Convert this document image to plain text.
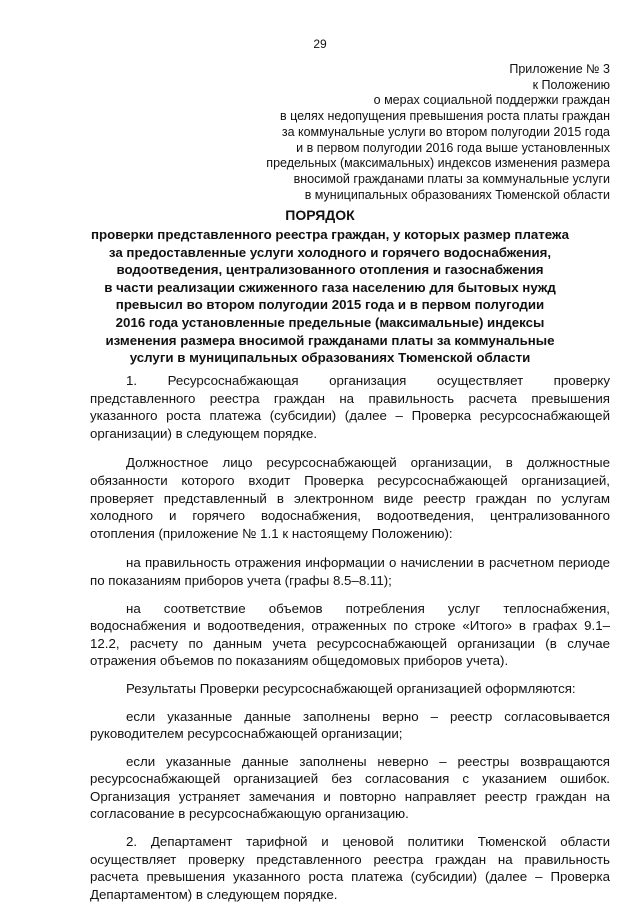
29
Приложение № 3
к Положению
о мерах социальной поддержки граждан
в целях недопущения превышения роста платы граждан
за коммунальные услуги во втором полугодии 2015 года
и в первом полугодии 2016 года выше установленных
предельных (максимальных) индексов изменения размера
вносимой гражданами платы за коммунальные услуги
в муниципальных образованиях Тюменской области
ПОРЯДОК
проверки представленного реестра граждан, у которых размер платежа
за предоставленные услуги холодного и горячего водоснабжения,
водоотведения, централизованного отопления и газоснабжения
в части реализации сжиженного газа населению для бытовых нужд
превысил во втором полугодии 2015 года и в первом полугодии
2016 года установленные предельные (максимальные) индексы
изменения размера вносимой гражданами платы за коммунальные
услуги в муниципальных образованиях Тюменской области

1. Ресурсоснабжающая организация осуществляет проверку представленного реестра граждан на правильность расчета превышения указанного роста платежа (субсидии) (далее – Проверка ресурсоснабжающей организации) в следующем порядке.

Должностное лицо ресурсоснабжающей организации, в должностные обязанности которого входит Проверка ресурсоснабжающей организацией, проверяет представленный в электронном виде реестр граждан по услугам холодного и горячего водоснабжения, водоотведения, централизованного отопления (приложение № 1.1 к настоящему Положению):

на правильность отражения информации о начислении в расчетном периоде по показаниям приборов учета (графы 8.5–8.11);

на соответствие объемов потребления услуг теплоснабжения, водоснабжения и водоотведения, отраженных по строке «Итого» в графах 9.1–12.2, расчету по данным учета ресурсоснабжающей организации (в случае отражения объемов по показаниям общедомовых приборов учета).

Результаты Проверки ресурсоснабжающей организацией оформляются:

если указанные данные заполнены верно – реестр согласовывается руководителем ресурсоснабжающей организации;

если указанные данные заполнены неверно – реестры возвращаются ресурсоснабжающей организацией без согласования с указанием ошибок. Организация устраняет замечания и повторно направляет реестр граждан на согласование в ресурсоснабжающую организацию.

2. Департамент тарифной и ценовой политики Тюменской области осуществляет проверку представленного реестра граждан на правильность расчета превышения указанного роста платежа (субсидии) (далее – Проверка Департаментом) в следующем порядке.
